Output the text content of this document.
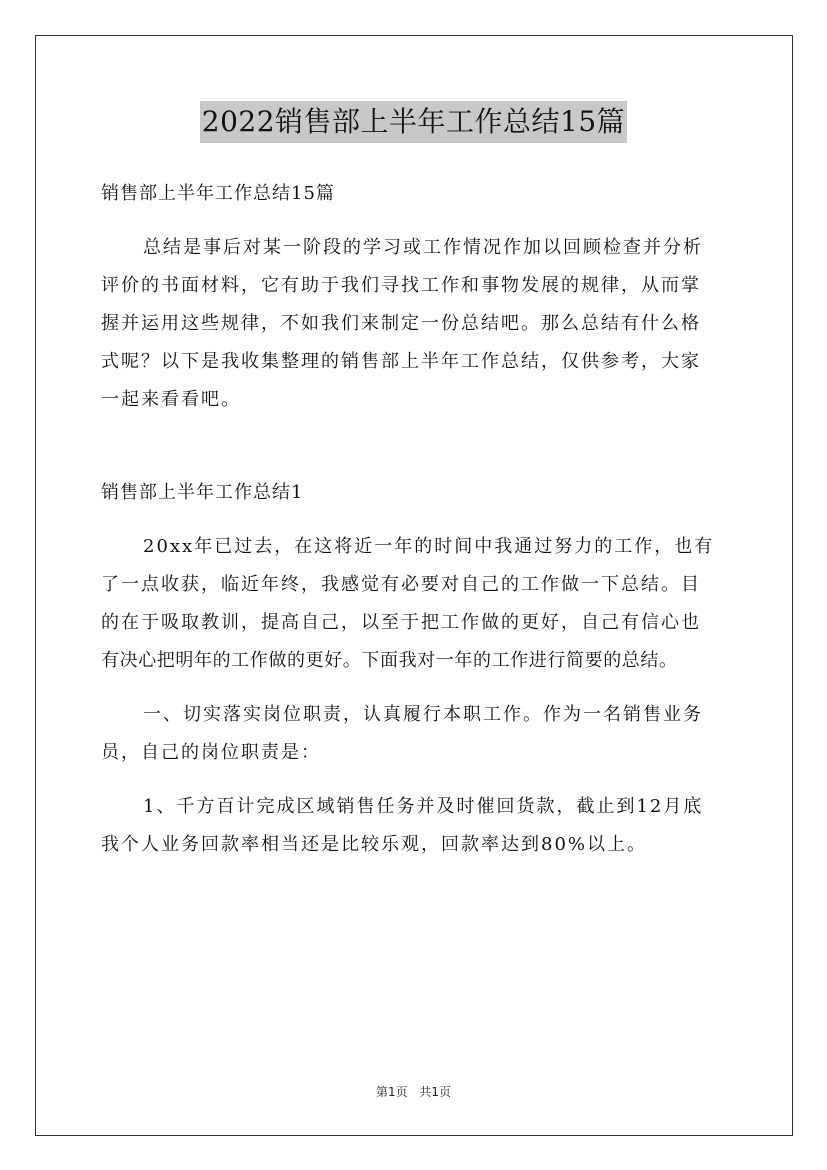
2022销售部上半年工作总结15篇
销售部上半年工作总结15篇
总结是事后对某一阶段的学习或工作情况作加以回顾检查并分析
评价的书面材料，它有助于我们寻找工作和事物发展的规律，从而掌
握并运用这些规律，不如我们来制定一份总结吧。那么总结有什么格
式呢？以下是我收集整理的销售部上半年工作总结，仅供参考，大家
一起来看看吧。
销售部上半年工作总结1
20xx年已过去，在这将近一年的时间中我通过努力的工作，也有
了一点收获，临近年终，我感觉有必要对自己的工作做一下总结。目
的在于吸取教训，提高自己，以至于把工作做的更好，自己有信心也
有决心把明年的工作做的更好。下面我对一年的工作进行简要的总结。
一、切实落实岗位职责，认真履行本职工作。作为一名销售业务
员，自己的岗位职责是：
1、千方百计完成区域销售任务并及时催回货款，截止到12月底
我个人业务回款率相当还是比较乐观，回款率达到80%以上。
第1页 共1页
